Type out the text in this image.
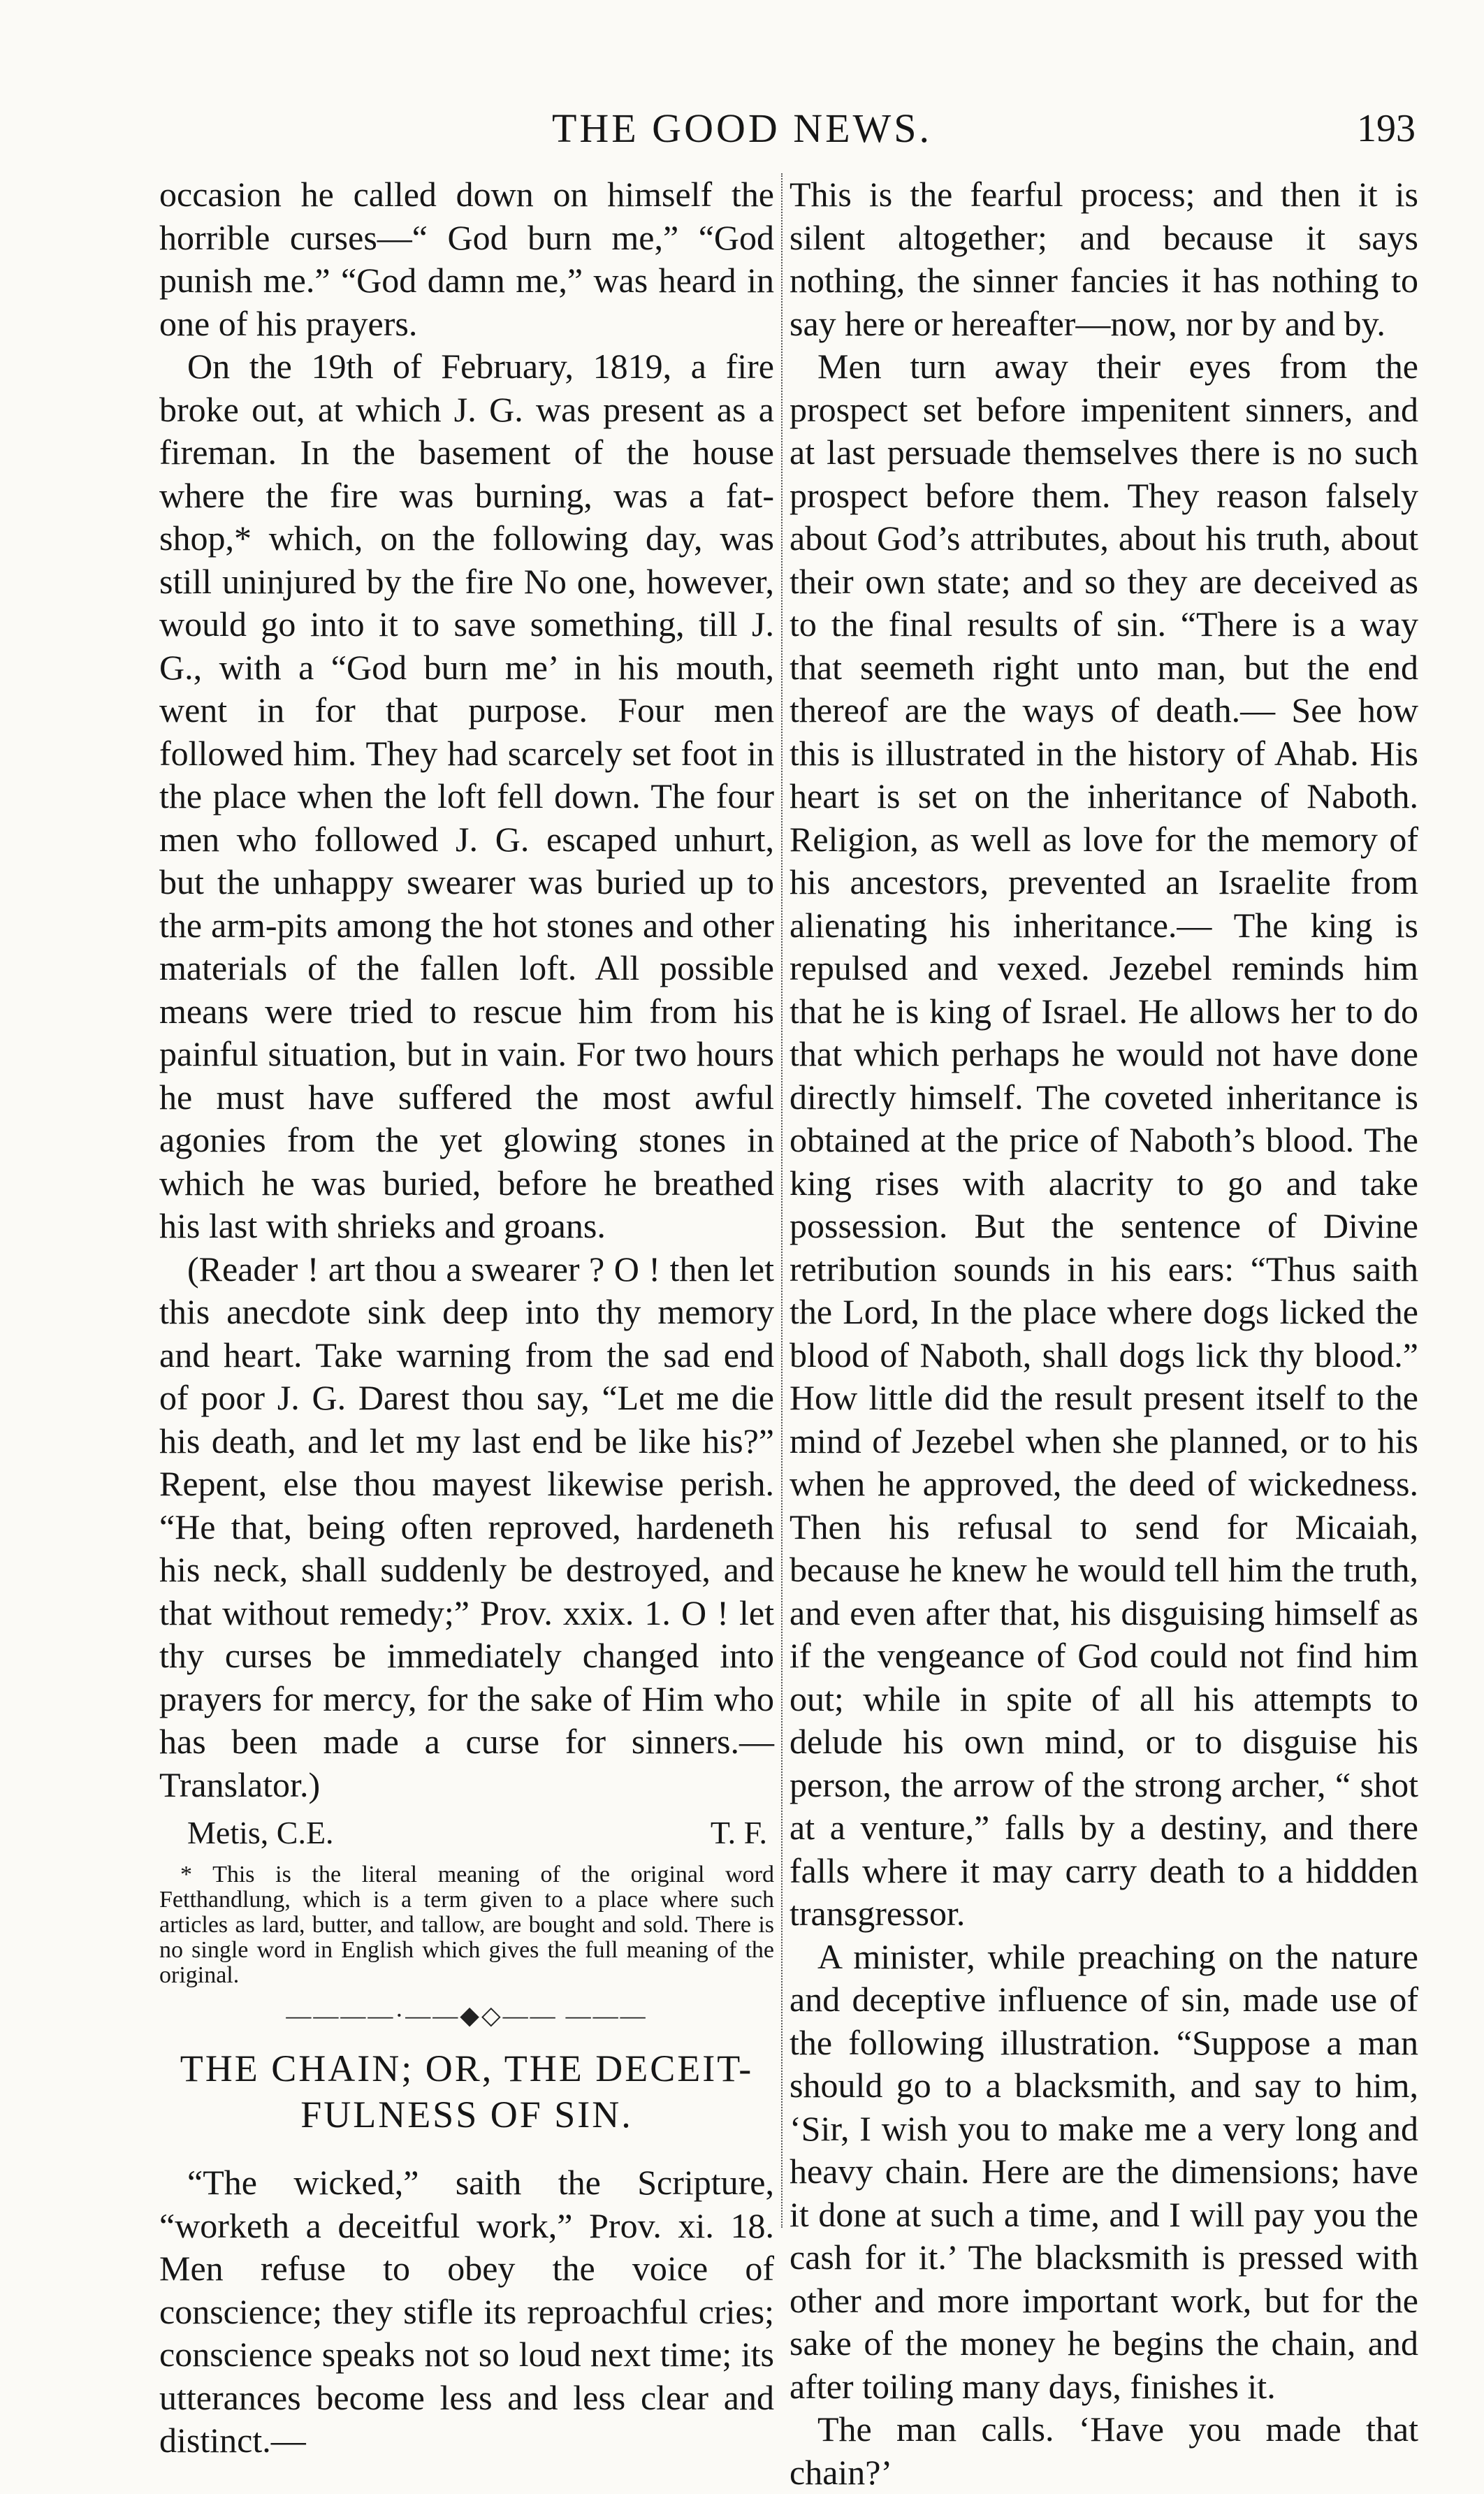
THE GOOD NEWS.	193

occasion he called down on himself the horrible curses—“ God burn me,” “God punish me.” “God damn me,” was heard in one of his prayers.

On the 19th of February, 1819, a fire broke out, at which J. G. was present as a fireman. In the basement of the house where the fire was burning, was a fat-shop,* which, on the following day, was still uninjured by the fire No one, however, would go into it to save something, till J. G., with a “God burn me’ in his mouth, went in for that purpose. Four men followed him. They had scarcely set foot in the place when the loft fell down. The four men who followed J. G. escaped unhurt, but the unhappy swearer was buried up to the arm-pits among the hot stones and other materials of the fallen loft. All possible means were tried to rescue him from his painful situation, but in vain. For two hours he must have suffered the most awful agonies from the yet glowing stones in which he was buried, before he breathed his last with shrieks and groans.

(Reader ! art thou a swearer ? O ! then let this anecdote sink deep into thy memory and heart. Take warning from the sad end of poor J. G. Darest thou say, “Let me die his death, and let my last end be like his?” Repent, else thou mayest likewise perish. “He that, being often reproved, hardeneth his neck, shall suddenly be destroyed, and that without remedy;” Prov. xxix. 1. O ! let thy curses be immediately changed into prayers for mercy, for the sake of Him who has been made a curse for sinners.—Translator.)

Metis, C.E.	T. F.
* This is the literal meaning of the original word Fetthandlung, which is a term given to a place where such articles as lard, butter, and tallow, are bought and sold. There is no single word in English which gives the full meaning of the original.
————·——◆◇—— ———
THE CHAIN; OR, THE DECEIT-
FULNESS OF SIN.

“The wicked,” saith the Scripture, “worketh a deceitful work,” Prov. xi. 18. Men refuse to obey the voice of conscience; they stifle its reproachful cries; conscience speaks not so loud next time; its utterances become less and less clear and distinct.—

This is the fearful process; and then it is silent altogether; and because it says nothing, the sinner fancies it has nothing to say here or hereafter—now, nor by and by.

Men turn away their eyes from the prospect set before impenitent sinners, and at last persuade themselves there is no such prospect before them. They reason falsely about God’s attributes, about his truth, about their own state; and so they are deceived as to the final results of sin. “There is a way that seemeth right unto man, but the end thereof are the ways of death.— See how this is illustrated in the history of Ahab. His heart is set on the inheritance of Naboth. Religion, as well as love for the memory of his ancestors, prevented an Israelite from alienating his inheritance.— The king is repulsed and vexed. Jezebel reminds him that he is king of Israel. He allows her to do that which perhaps he would not have done directly himself. The coveted inheritance is obtained at the price of Naboth’s blood. The king rises with alacrity to go and take possession. But the sentence of Divine retribution sounds in his ears: “Thus saith the Lord, In the place where dogs licked the blood of Naboth, shall dogs lick thy blood.” How little did the result present itself to the mind of Jezebel when she planned, or to his when he approved, the deed of wickedness. Then his refusal to send for Micaiah, because he knew he would tell him the truth, and even after that, his disguising himself as if the vengeance of God could not find him out; while in spite of all his attempts to delude his own mind, or to disguise his person, the arrow of the strong archer, “ shot at a venture,” falls by a destiny, and there falls where it may carry death to a hiddden transgressor.

A minister, while preaching on the nature and deceptive influence of sin, made use of the following illustration. “Suppose a man should go to a blacksmith, and say to him, ‘Sir, I wish you to make me a very long and heavy chain. Here are the dimensions; have it done at such a time, and I will pay you the cash for it.’ The blacksmith is pressed with other and more important work, but for the sake of the money he begins the chain, and after toiling many days, finishes it.

The man calls. ‘Have you made that chain?’
